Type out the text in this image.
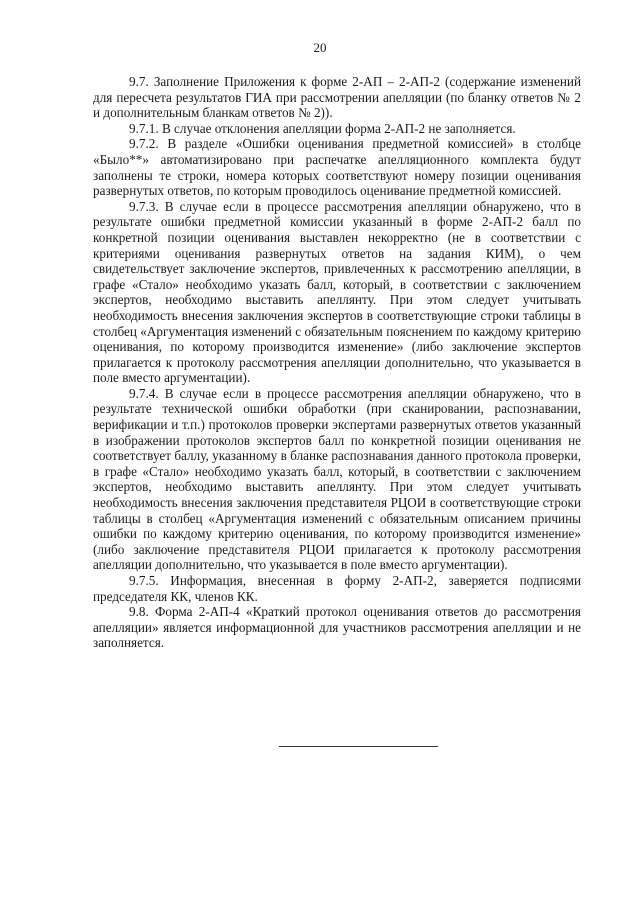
20

9.7. Заполнение Приложения к форме 2-АП – 2-АП-2 (содержание изменений для пересчета результатов ГИА при рассмотрении апелляции (по бланку ответов № 2 и дополнительным бланкам ответов № 2)).

9.7.1. В случае отклонения апелляции форма 2-АП-2 не заполняется.

9.7.2. В разделе «Ошибки оценивания предметной комиссией» в столбце «Было**» автоматизировано при распечатке апелляционного комплекта будут заполнены те строки, номера которых соответствуют номеру позиции оценивания развернутых ответов, по которым проводилось оценивание предметной комиссией.

9.7.3. В случае если в процессе рассмотрения апелляции обнаружено, что в результате ошибки предметной комиссии указанный в форме 2-АП-2 балл по конкретной позиции оценивания выставлен некорректно (не в соответствии с критериями оценивания развернутых ответов на задания КИМ), о чем свидетельствует заключение экспертов, привлеченных к рассмотрению апелляции, в графе «Стало» необходимо указать балл, который, в соответствии с заключением экспертов, необходимо выставить апеллянту. При этом следует учитывать необходимость внесения заключения экспертов в соответствующие строки таблицы в столбец «Аргументация изменений с обязательным пояснением по каждому критерию оценивания, по которому производится изменение» (либо заключение экспертов прилагается к протоколу рассмотрения апелляции дополнительно, что указывается в поле вместо аргументации).

9.7.4. В случае если в процессе рассмотрения апелляции обнаружено, что в результате технической ошибки обработки (при сканировании, распознавании, верификации и т.п.) протоколов проверки экспертами развернутых ответов указанный в изображении протоколов экспертов балл по конкретной позиции оценивания не соответствует баллу, указанному в бланке распознавания данного протокола проверки, в графе «Стало» необходимо указать балл, который, в соответствии с заключением экспертов, необходимо выставить апеллянту. При этом следует учитывать необходимость внесения заключения представителя РЦОИ в соответствующие строки таблицы в столбец «Аргументация изменений с обязательным описанием причины ошибки по каждому критерию оценивания, по которому производится изменение» (либо заключение представителя РЦОИ прилагается к протоколу рассмотрения апелляции дополнительно, что указывается в поле вместо аргументации).

9.7.5. Информация, внесенная в форму 2-АП-2, заверяется подписями председателя КК, членов КК.

9.8. Форма 2-АП-4 «Краткий протокол оценивания ответов до рассмотрения апелляции» является информационной для участников рассмотрения апелляции и не заполняется.
